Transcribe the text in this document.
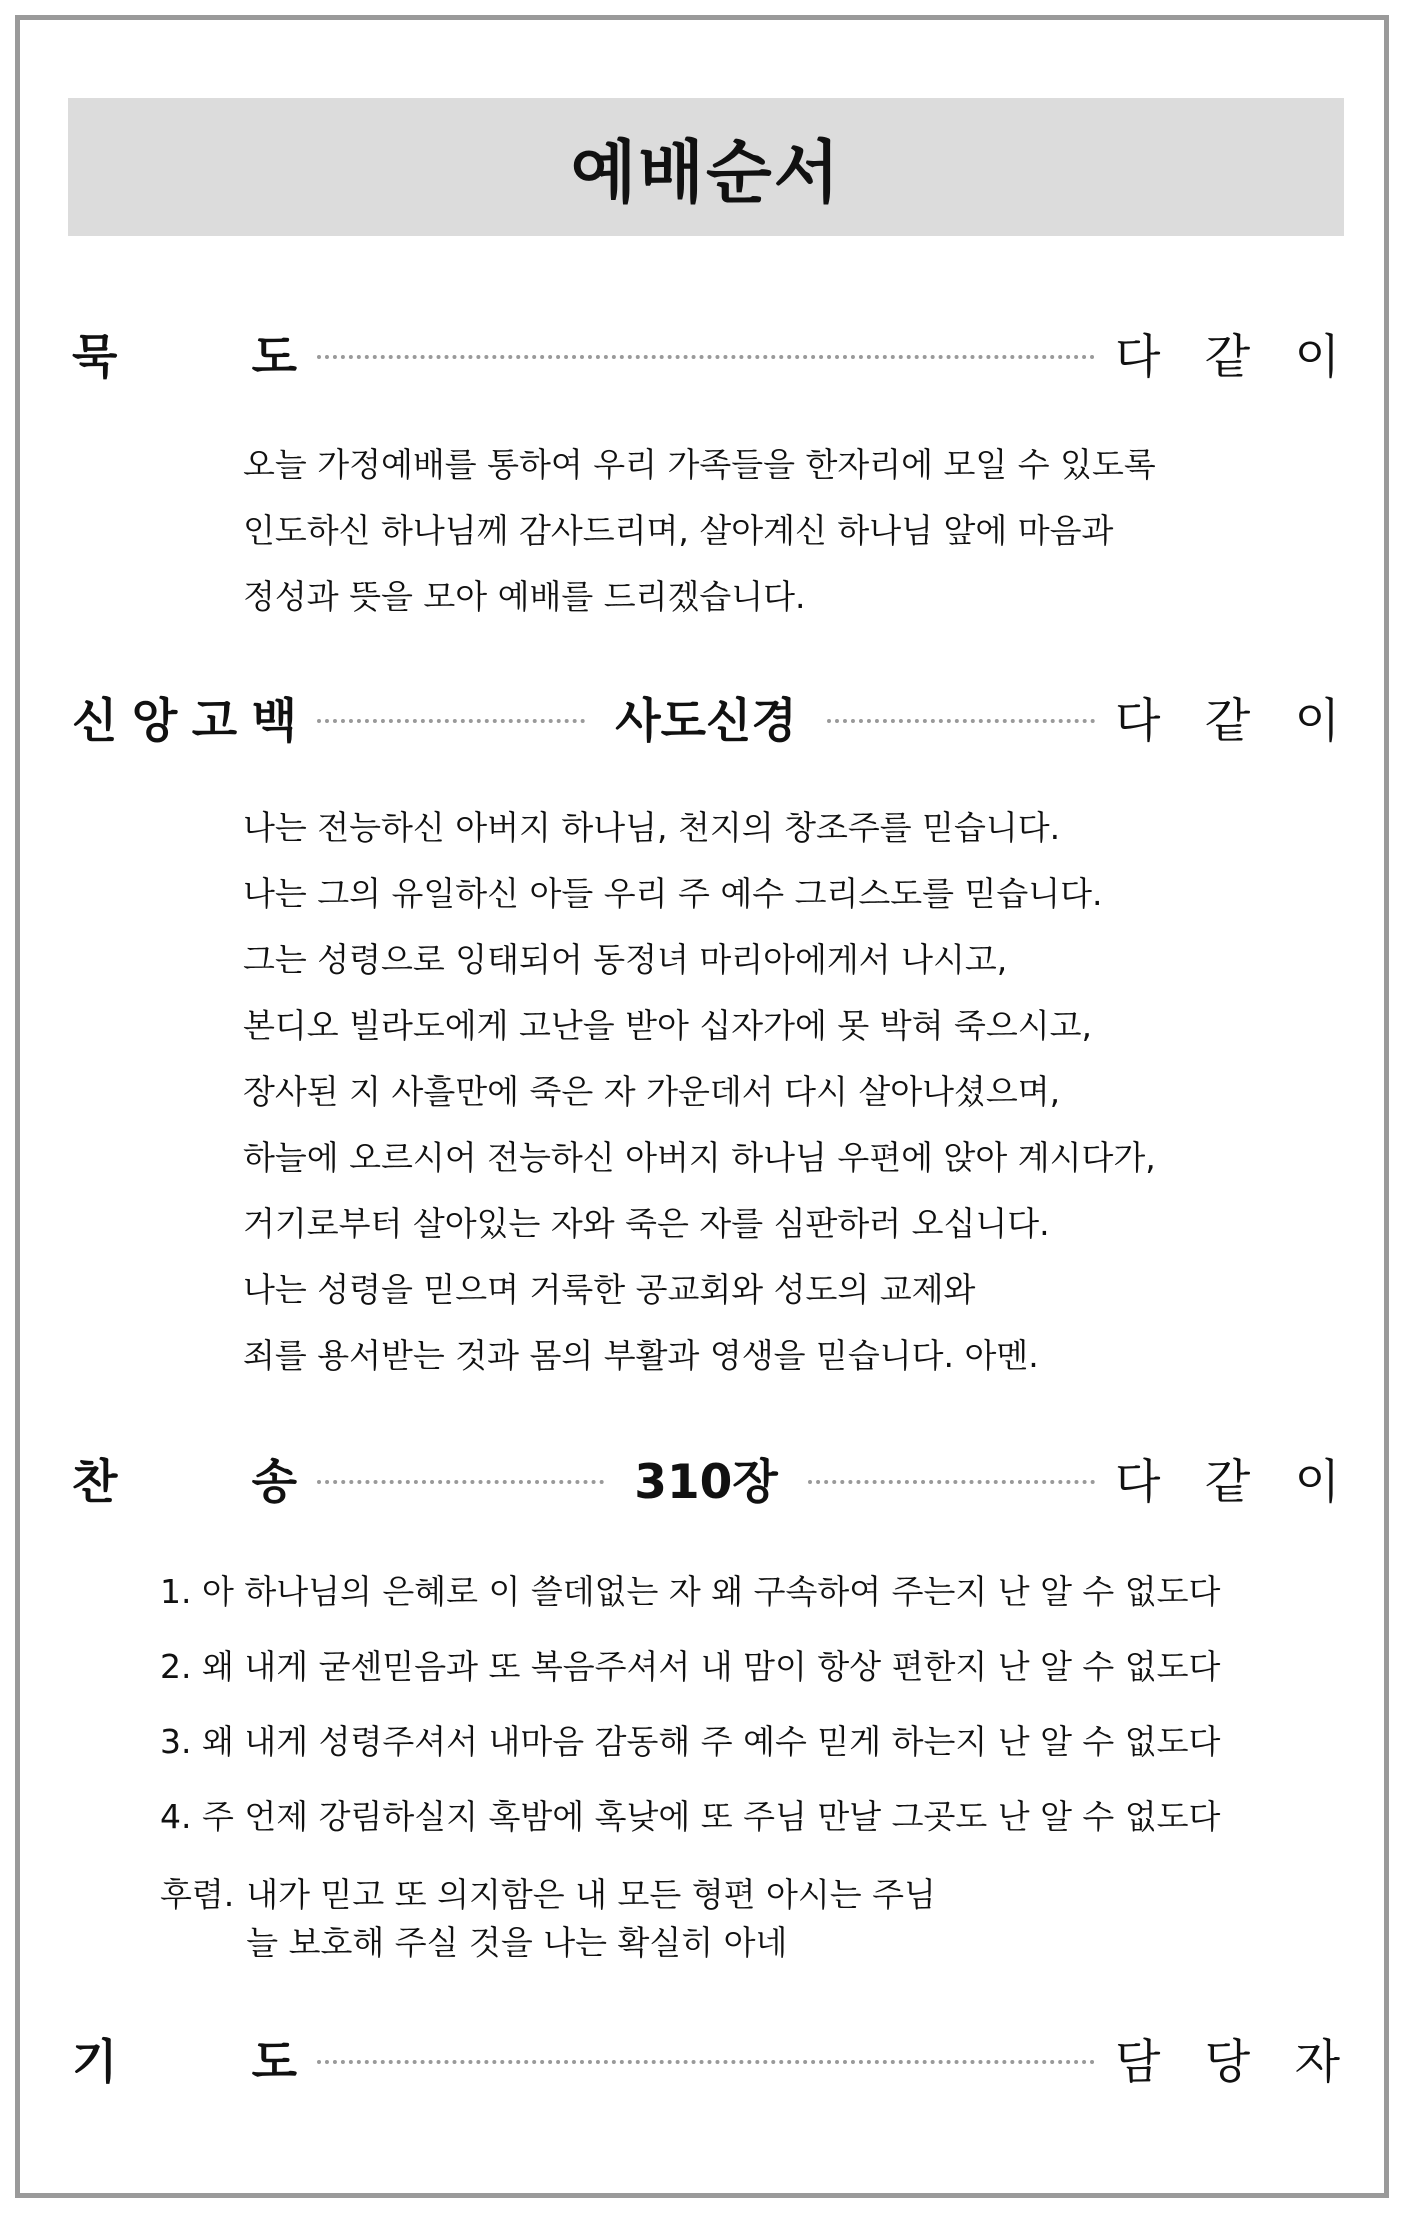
예배순서
묵	도	다 같 이
오늘 가정예배를 통하여 우리 가족들을 한자리에 모일 수 있도록
인도하신 하나님께 감사드리며, 살아계신 하나님 앞에 마음과
정성과 뜻을 모아 예배를 드리겠습니다.
신 앙 고 백	사도신경	다 같 이
나는 전능하신 아버지 하나님, 천지의 창조주를 믿습니다.
나는 그의 유일하신 아들 우리 주 예수 그리스도를 믿습니다.
그는 성령으로 잉태되어 동정녀 마리아에게서 나시고,
본디오 빌라도에게 고난을 받아 십자가에 못 박혀 죽으시고,
장사된 지 사흘만에 죽은 자 가운데서 다시 살아나셨으며,
하늘에 오르시어 전능하신 아버지 하나님 우편에 앉아 계시다가,
거기로부터 살아있는 자와 죽은 자를 심판하러 오십니다.
나는 성령을 믿으며 거룩한 공교회와 성도의 교제와
죄를 용서받는 것과 몸의 부활과 영생을 믿습니다. 아멘.
찬	송	310장	다 같 이
1. 아 하나님의 은혜로 이 쓸데없는 자 왜 구속하여 주는지 난 알 수 없도다
2. 왜 내게 굳센믿음과 또 복음주셔서 내 맘이 항상 편한지 난 알 수 없도다
3. 왜 내게 성령주셔서 내마음 감동해 주 예수 믿게 하는지 난 알 수 없도다
4. 주 언제 강림하실지 혹밤에 혹낮에 또 주님 만날 그곳도 난 알 수 없도다
후렴. 내가 믿고 또 의지함은 내 모든 형편 아시는 주님
늘 보호해 주실 것을 나는 확실히 아네
기	도	담 당 자
